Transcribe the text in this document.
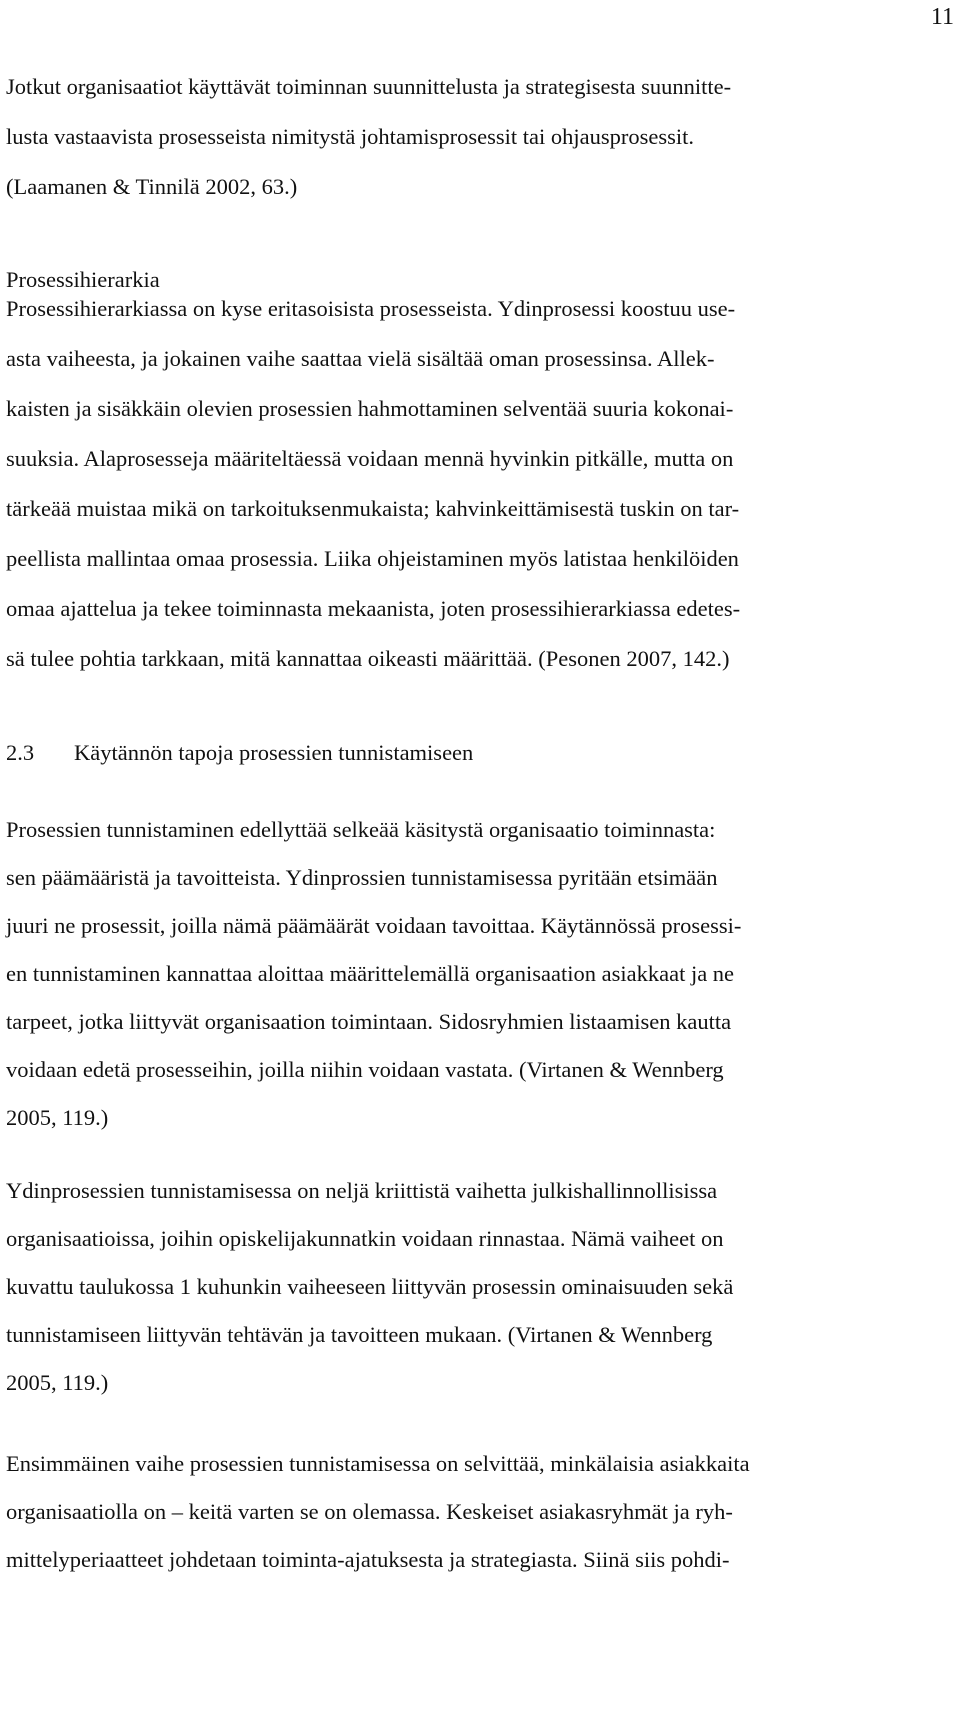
11
Jotkut organisaatiot käyttävät toiminnan suunnittelusta ja strategisesta suunnitte-
lusta vastaavista prosesseista nimitystä johtamisprosessit tai ohjausprosessit.
(Laamanen & Tinnilä 2002, 63.)
Prosessihierarkia
Prosessihierarkiassa on kyse eritasoisista prosesseista. Ydinprosessi koostuu use-
asta vaiheesta, ja jokainen vaihe saattaa vielä sisältää oman prosessinsa. Allek-
kaisten ja sisäkkäin olevien prosessien hahmottaminen selventää suuria kokonai-
suuksia. Alaprosesseja määriteltäessä voidaan mennä hyvinkin pitkälle, mutta on
tärkeää muistaa mikä on tarkoituksenmukaista; kahvinkeittämisestä tuskin on tar-
peellista mallintaa omaa prosessia. Liika ohjeistaminen myös latistaa henkilöiden
omaa ajattelua ja tekee toiminnasta mekaanista, joten prosessihierarkiassa edetes-
sä tulee pohtia tarkkaan, mitä kannattaa oikeasti määrittää. (Pesonen 2007, 142.)
2.3 Käytännön tapoja prosessien tunnistamiseen
Prosessien tunnistaminen edellyttää selkeää käsitystä organisaatio toiminnasta:
sen päämääristä ja tavoitteista. Ydinprossien tunnistamisessa pyritään etsimään
juuri ne prosessit, joilla nämä päämäärät voidaan tavoittaa. Käytännössä prosessi-
en tunnistaminen kannattaa aloittaa määrittelemällä organisaation asiakkaat ja ne
tarpeet, jotka liittyvät organisaation toimintaan. Sidosryhmien listaamisen kautta
voidaan edetä prosesseihin, joilla niihin voidaan vastata. (Virtanen & Wennberg
2005, 119.)
Ydinprosessien tunnistamisessa on neljä kriittistä vaihetta julkishallinnollisissa
organisaatioissa, joihin opiskelijakunnatkin voidaan rinnastaa. Nämä vaiheet on
kuvattu taulukossa 1 kuhunkin vaiheeseen liittyvän prosessin ominaisuuden sekä
tunnistamiseen liittyvän tehtävän ja tavoitteen mukaan. (Virtanen & Wennberg
2005, 119.)
Ensimmäinen vaihe prosessien tunnistamisessa on selvittää, minkälaisia asiakkaita
organisaatiolla on – keitä varten se on olemassa. Keskeiset asiakasryhmät ja ryh-
mittelyperiaatteet johdetaan toiminta-ajatuksesta ja strategiasta. Siinä siis pohdi-
